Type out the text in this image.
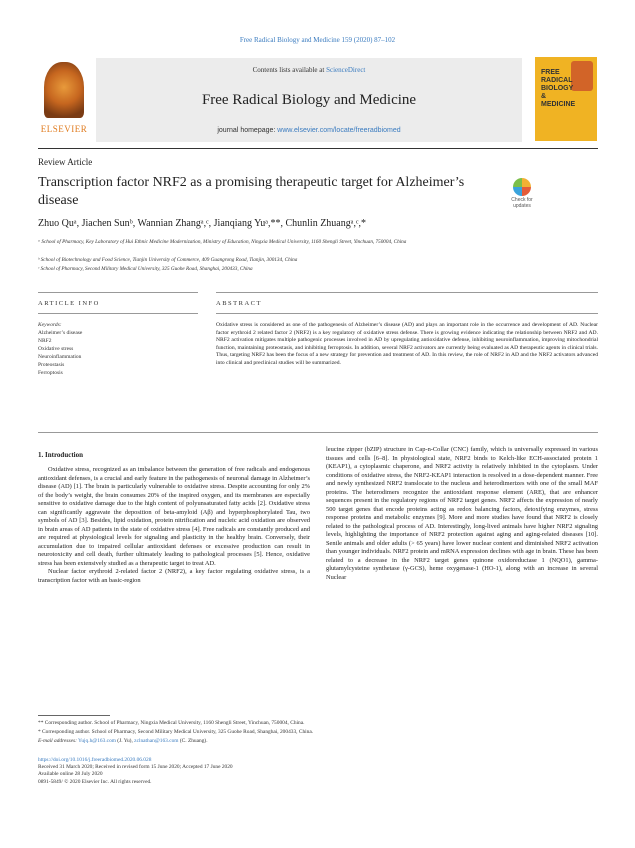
Free Radical Biology and Medicine 159 (2020) 87–102
ELSEVIER
Contents lists available at ScienceDirect
Free Radical Biology and Medicine
journal homepage: www.elsevier.com/locate/freeradbiomed
FREE RADICAL BIOLOGY & MEDICINE
Review Article
Transcription factor NRF2 as a promising therapeutic target for Alzheimer’s disease	Check for updates
Zhuo Quᵃ, Jiachen Sunᵇ, Wannian Zhangᵃ,ᶜ, Jianqiang Yuᵃ,**, Chunlin Zhuangᵃ,ᶜ,*
ᵃ School of Pharmacy, Key Laboratory of Hui Ethnic Medicine Modernization, Ministry of Education, Ningxia Medical University, 1160 Shengli Street, Yinchuan, 750004, China
ᵇ School of Biotechnology and Food Science, Tianjin University of Commerce, 409 Guangrong Road, Tianjin, 300134, China
ᶜ School of Pharmacy, Second Military Medical University, 325 Guohe Road, Shanghai, 200433, China
ARTICLE INFO	ABSTRACT
Keywords:
Alzheimer’s disease
NRF2
Oxidative stress
Neuroinflammation
Proteostasis
Ferroptosis
Oxidative stress is considered as one of the pathogenesis of Alzheimer’s disease (AD) and plays an important role in the occurrence and development of AD. Nuclear factor erythroid 2 related factor 2 (NRF2) is a key regulatory of oxidative stress defense. There is growing evidence indicating the relationship between NRF2 and AD. NRF2 activation mitigates multiple pathogenic processes involved in AD by upregulating antioxidative defense, inhibiting neuroinflammation, improving mitochondrial function, maintaining proteostasis, and inhibiting ferroptosis. In addition, several NRF2 activators are currently being evaluated as AD therapeutic agents in clinical trials. Thus, targeting NRF2 has been the focus of a new strategy for prevention and treatment of AD. In this review, the role of NRF2 in AD and the NRF2 activators advanced into clinical and preclinical studies will be summarized.
1. Introduction

Oxidative stress, recognized as an imbalance between the generation of free radicals and endogenous antioxidant defenses, is a crucial and early feature in the pathogenesis of neuronal damage in Alzheimer’s disease (AD) [1]. The brain is particularly vulnerable to oxidative stress. Despite accounting for only 2% of the body’s weight, the brain consumes 20% of the inspired oxygen, and its membranes are especially sensitive to oxidative damage due to the high content of polyunsaturated fatty acids [2]. Oxidative stress can significantly aggravate the deposition of beta-amyloid (Aβ) and hyperphosphorylated Tau, two symbols of AD [3]. Besides, lipid oxidation, protein nitrification and nucleic acid oxidation are observed in brain areas of AD patients in the state of oxidative stress [4]. Free radicals are constantly produced and are required at physiological levels for signaling and plasticity in the healthy brain. Conversely, their accumulation due to impaired cellular antioxidant defenses or excessive production can result in neurotoxicity and cell death, further ultimately leading to pathological processes [5]. Hence, oxidative stress has been extensively studied as a therapeutic target to treat AD.

Nuclear factor erythroid 2-related factor 2 (NRF2), a key factor regulating oxidative stress, is a transcription factor with an basic-region

leucine zipper (bZIP) structure in Cap-n-Collar (CNC) family, which is universally expressed in various tissues and cells [6–8]. In physiological state, NRF2 binds to Kelch-like ECH-associated protein 1 (KEAP1), a cytoplasmic chaperone, and NRF2 activity is relatively inhibited in the cytoplasm. Under conditions of oxidative stress, the NRF2-KEAP1 interaction is resolved in a dose-dependent manner. Free and newly synthesized NRF2 translocate to the nucleus and heterodimerizes with one of the small MAF proteins. The heterodimers recognize the antioxidant response element (ARE), that are enhancer sequences present in the regulatory regions of NRF2 target genes. NRF2 affects the expression of nearly 500 target genes that encode proteins acting as redox balancing factors, detoxifying enzymes, stress response proteins and metabolic enzymes [9]. More and more studies have found that NRF2 is closely related to the pathological process of AD. Interestingly, long-lived animals have higher NRF2 signaling levels, highlighting the importance of NRF2 protection against aging and aging-related diseases [10]. Senile animals and older adults (> 65 years) have lower nuclear content and diminished NRF2 activation than younger individuals. NRF2 protein and mRNA expression declines with age in brain. These has been related to a decrease in the NRF2 target genes quinone oxidoreductase 1 (NQO1), gamma-glutamylcysteine synthetase (γ-GCS), heme oxygenase-1 (HO-1), along with an increase in several Nuclear

** Corresponding author. School of Pharmacy, Ningxia Medical University, 1160 Shengli Street, Yinchuan, 750004, China.
* Corresponding author. School of Pharmacy, Second Military Medical University, 325 Guohe Road, Shanghai, 200433, China.
E-mail addresses: Yujq.h@163.com (J. Yu), zclnathan@163.com (C. Zhuang).
https://doi.org/10.1016/j.freeradbiomed.2020.06.028
Received 31 March 2020; Received in revised form 15 June 2020; Accepted 17 June 2020
Available online 28 July 2020
0891-5849/ © 2020 Elsevier Inc. All rights reserved.
